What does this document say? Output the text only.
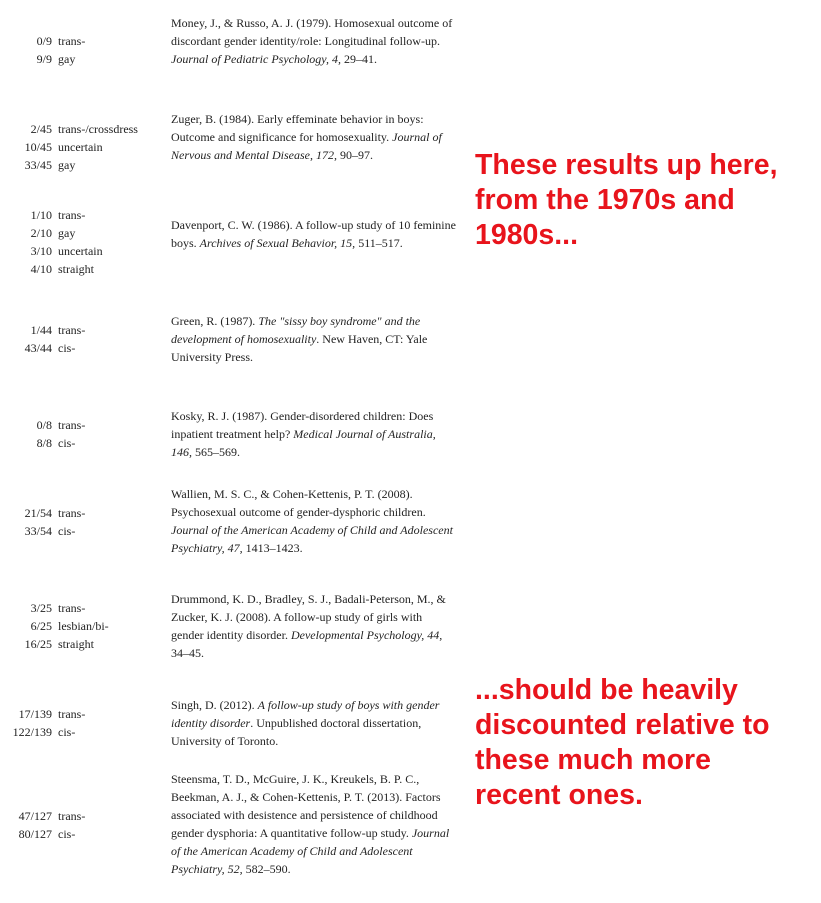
0/9 trans-
9/9 gay
Money, J., & Russo, A. J. (1979). Homosexual outcome of discordant gender identity/role: Longitudinal follow-up. Journal of Pediatric Psychology, 4, 29–41.
2/45 trans-/crossdress
10/45 uncertain
33/45 gay
Zuger, B. (1984). Early effeminate behavior in boys: Outcome and significance for homosexuality. Journal of Nervous and Mental Disease, 172, 90–97.
1/10 trans-
2/10 gay
3/10 uncertain
4/10 straight
Davenport, C. W. (1986). A follow-up study of 10 feminine boys. Archives of Sexual Behavior, 15, 511–517.
1/44 trans-
43/44 cis-
Green, R. (1987). The "sissy boy syndrome" and the development of homosexuality. New Haven, CT: Yale University Press.
0/8 trans-
8/8 cis-
Kosky, R. J. (1987). Gender-disordered children: Does inpatient treatment help? Medical Journal of Australia, 146, 565–569.
21/54 trans-
33/54 cis-
Wallien, M. S. C., & Cohen-Kettenis, P. T. (2008). Psychosexual outcome of gender-dysphoric children. Journal of the American Academy of Child and Adolescent Psychiatry, 47, 1413–1423.
3/25 trans-
6/25 lesbian/bi-
16/25 straight
Drummond, K. D., Bradley, S. J., Badali-Peterson, M., & Zucker, K. J. (2008). A follow-up study of girls with gender identity disorder. Developmental Psychology, 44, 34–45.
17/139 trans-
122/139 cis-
Singh, D. (2012). A follow-up study of boys with gender identity disorder. Unpublished doctoral dissertation, University of Toronto.
47/127 trans-
80/127 cis-
Steensma, T. D., McGuire, J. K., Kreukels, B. P. C., Beekman, A. J., & Cohen-Kettenis, P. T. (2013). Factors associated with desistence and persistence of childhood gender dysphoria: A quantitative follow-up study. Journal of the American Academy of Child and Adolescent Psychiatry, 52, 582–590.
These results up here,
from the 1970s and
1980s...
...should be heavily
discounted relative to
these much more
recent ones.
